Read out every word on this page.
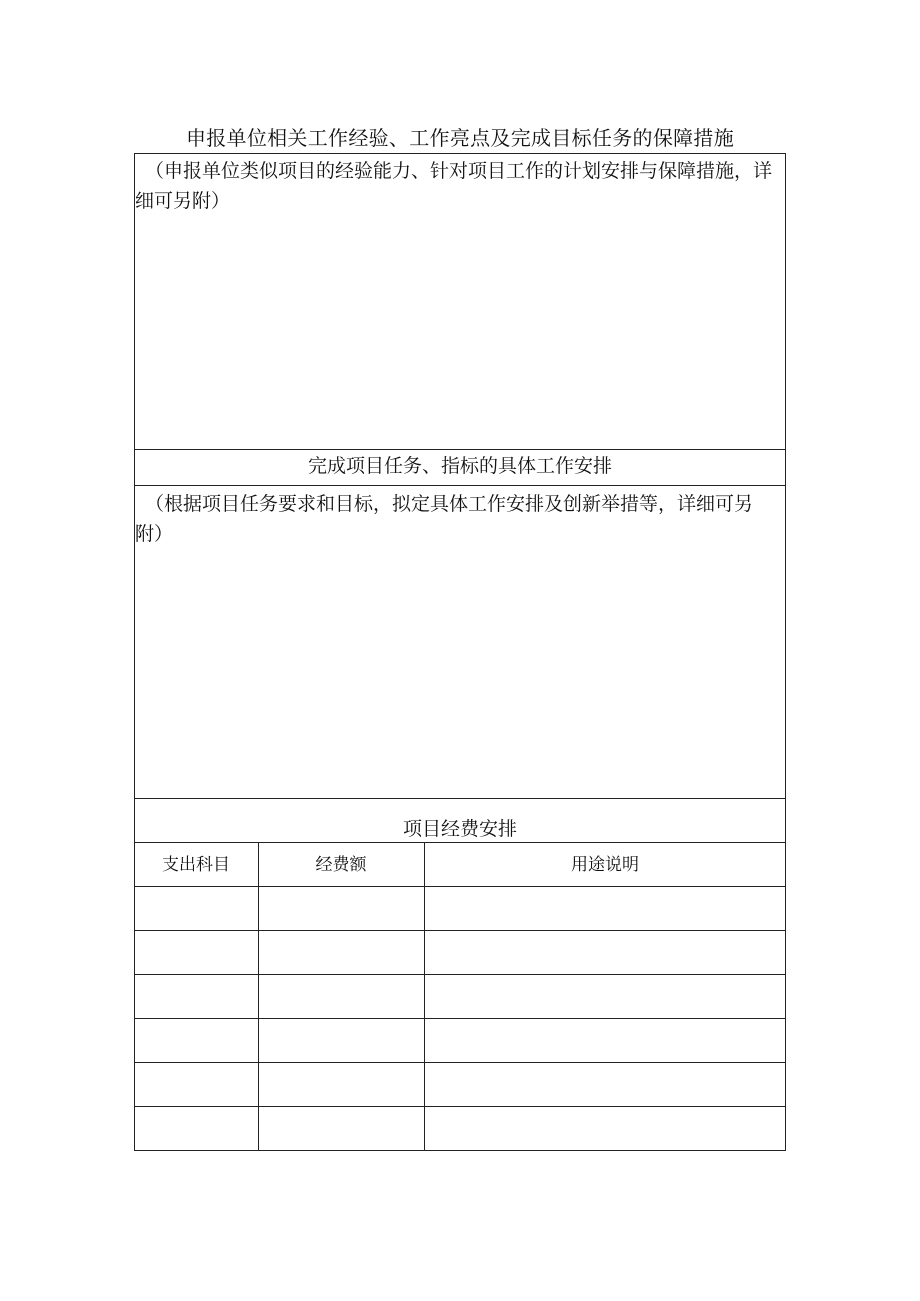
申报单位相关工作经验、工作亮点及完成目标任务的保障措施
（申报单位类似项目的经验能力、针对项目工作的计划安排与保障措施，详细可另附）
完成项目任务、指标的具体工作安排
（根据项目任务要求和目标，拟定具体工作安排及创新举措等，详细可另附）
项目经费安排
支出科目	经费额	用途说明
